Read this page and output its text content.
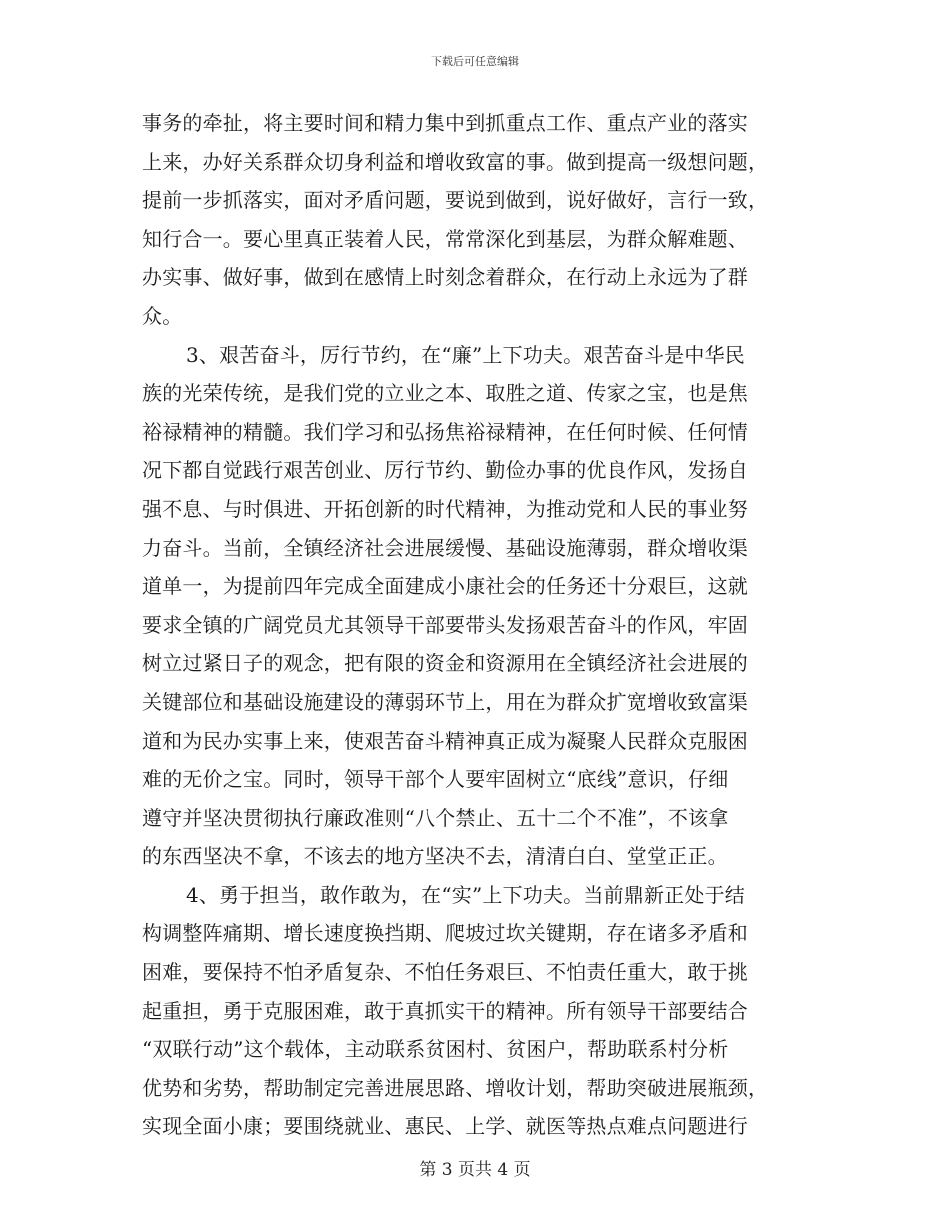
下载后可任意编辑
事务的牵扯，将主要时间和精力集中到抓重点工作、重点产业的落实
上来，办好关系群众切身利益和增收致富的事。做到提高一级想问题，
提前一步抓落实，面对矛盾问题，要说到做到，说好做好，言行一致，
知行合一。要心里真正装着人民，常常深化到基层，为群众解难题、
办实事、做好事，做到在感情上时刻念着群众，在行动上永远为了群
众。
3、艰苦奋斗，厉行节约，在“廉”上下功夫。艰苦奋斗是中华民
族的光荣传统，是我们党的立业之本、取胜之道、传家之宝，也是焦
裕禄精神的精髓。我们学习和弘扬焦裕禄精神，在任何时候、任何情
况下都自觉践行艰苦创业、厉行节约、勤俭办事的优良作风，发扬自
强不息、与时俱进、开拓创新的时代精神，为推动党和人民的事业努
力奋斗。当前，全镇经济社会进展缓慢、基础设施薄弱，群众增收渠
道单一，为提前四年完成全面建成小康社会的任务还十分艰巨，这就
要求全镇的广阔党员尤其领导干部要带头发扬艰苦奋斗的作风，牢固
树立过紧日子的观念，把有限的资金和资源用在全镇经济社会进展的
关键部位和基础设施建设的薄弱环节上，用在为群众扩宽增收致富渠
道和为民办实事上来，使艰苦奋斗精神真正成为凝聚人民群众克服困
难的无价之宝。同时，领导干部个人要牢固树立“底线”意识，仔细
遵守并坚决贯彻执行廉政准则“八个禁止、五十二个不准”，不该拿
的东西坚决不拿，不该去的地方坚决不去，清清白白、堂堂正正。
4、勇于担当，敢作敢为，在“实”上下功夫。当前鼎新正处于结
构调整阵痛期、增长速度换挡期、爬坡过坎关键期，存在诸多矛盾和
困难，要保持不怕矛盾复杂、不怕任务艰巨、不怕责任重大，敢于挑
起重担，勇于克服困难，敢于真抓实干的精神。所有领导干部要结合
“双联行动”这个载体，主动联系贫困村、贫困户，帮助联系村分析
优势和劣势，帮助制定完善进展思路、增收计划，帮助突破进展瓶颈，
实现全面小康；要围绕就业、惠民、上学、就医等热点难点问题进行
第 3 页共 4 页
